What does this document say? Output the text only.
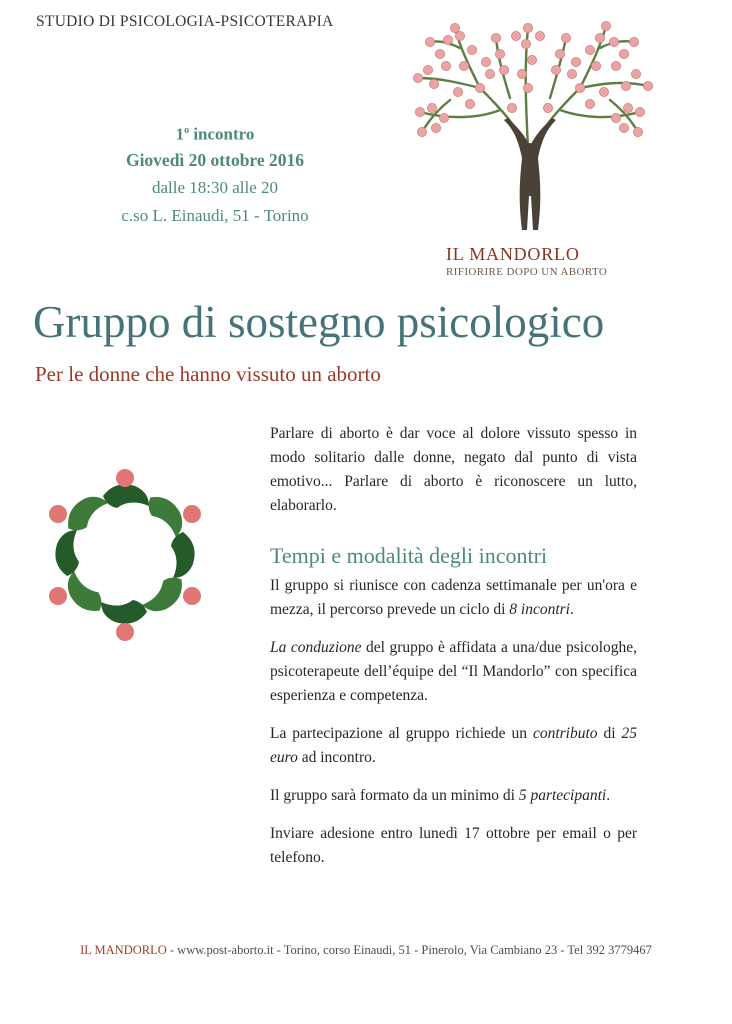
STUDIO DI PSICOLOGIA-PSICOTERAPIA
1$^o$ incontro
Giovedì 20 ottobre 2016
dalle 18:30 alle 20
c.so L. Einaudi, 51 - Torino
IL MANDORLO
RIFIORIRE DOPO UN ABORTO
Gruppo di sostegno psicologico
Per le donne che hanno vissuto un aborto

Parlare di aborto è dar voce al dolore vissuto spesso in modo solitario dalle donne, negato dal punto di vista emotivo... Parlare di aborto è riconoscere un lutto, elaborarlo.

Tempi e modalità degli incontri

Il gruppo si riunisce con cadenza settimanale per un'ora e mezza, il percorso prevede un ciclo di 8 incontri.

La conduzione del gruppo è affidata a una/due psicologhe, psicoterapeute dell’équipe del “Il Mandorlo” con specifica esperienza e competenza.

La partecipazione al gruppo richiede un contributo di 25 euro ad incontro.

Il gruppo sarà formato da un minimo di 5 partecipanti.

Inviare adesione entro lunedì 17 ottobre per email o per telefono.

IL MANDORLO - www.post-aborto.it - Torino, corso Einaudi, 51 - Pinerolo, Via Cambiano 23 - Tel 392 3779467
